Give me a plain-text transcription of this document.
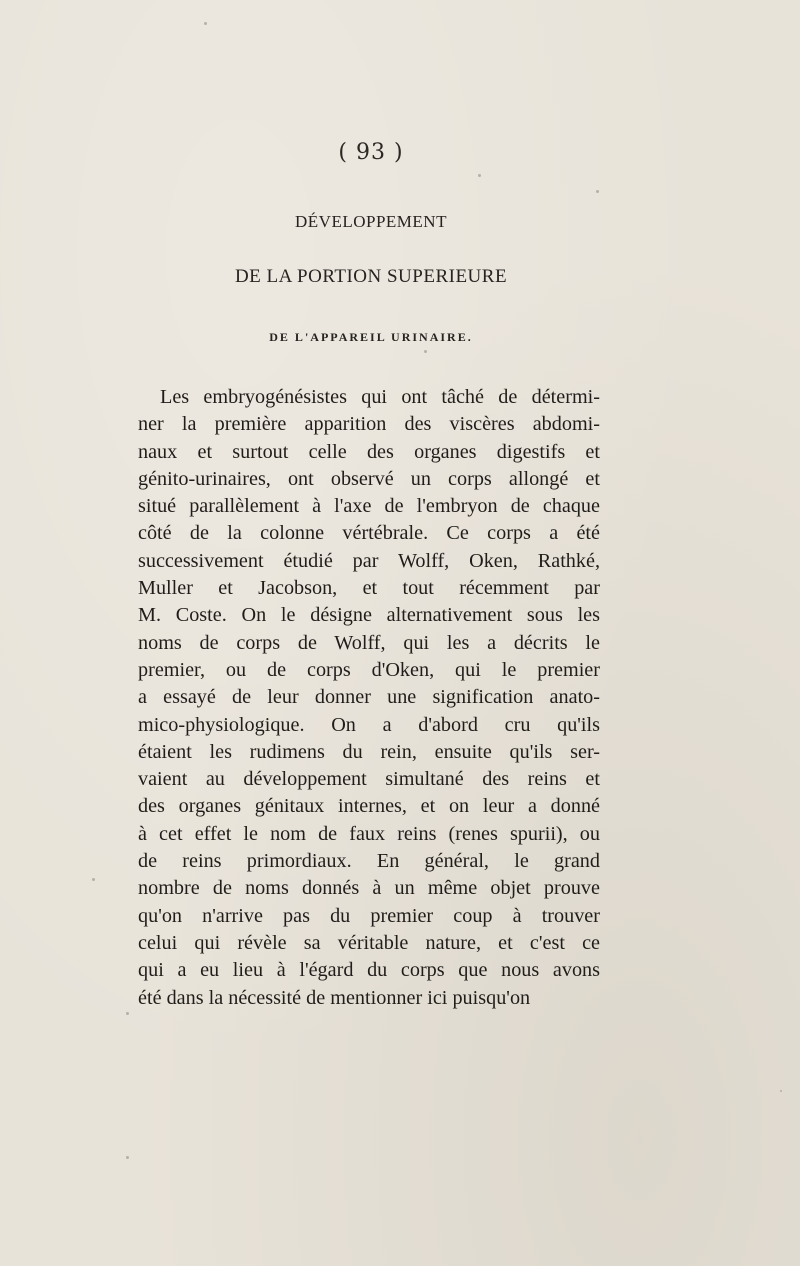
( 93 )
DÉVELOPPEMENT
DE LA PORTION SUPERIEURE
DE L'APPAREIL URINAIRE.
Les embryogénésistes qui ont tâché de détermi-
ner la première apparition des viscères abdomi-
naux et surtout celle des organes digestifs et
génito-urinaires, ont observé un corps allongé et
situé parallèlement à l'axe de l'embryon de chaque
côté de la colonne vértébrale. Ce corps a été
successivement étudié par Wolff, Oken, Rathké,
Muller et Jacobson, et tout récemment par
M. Coste. On le désigne alternativement sous les
noms de corps de Wolff, qui les a décrits le
premier, ou de corps d'Oken, qui le premier
a essayé de leur donner une signification anato-
mico-physiologique. On a d'abord cru qu'ils
étaient les rudimens du rein, ensuite qu'ils ser-
vaient au développement simultané des reins et
des organes génitaux internes, et on leur a donné
à cet effet le nom de faux reins (renes spurii), ou
de reins primordiaux. En général, le grand
nombre de noms donnés à un même objet prouve
qu'on n'arrive pas du premier coup à trouver
celui qui révèle sa véritable nature, et c'est ce
qui a eu lieu à l'égard du corps que nous avons
été dans la nécessité de mentionner ici puisqu'on
